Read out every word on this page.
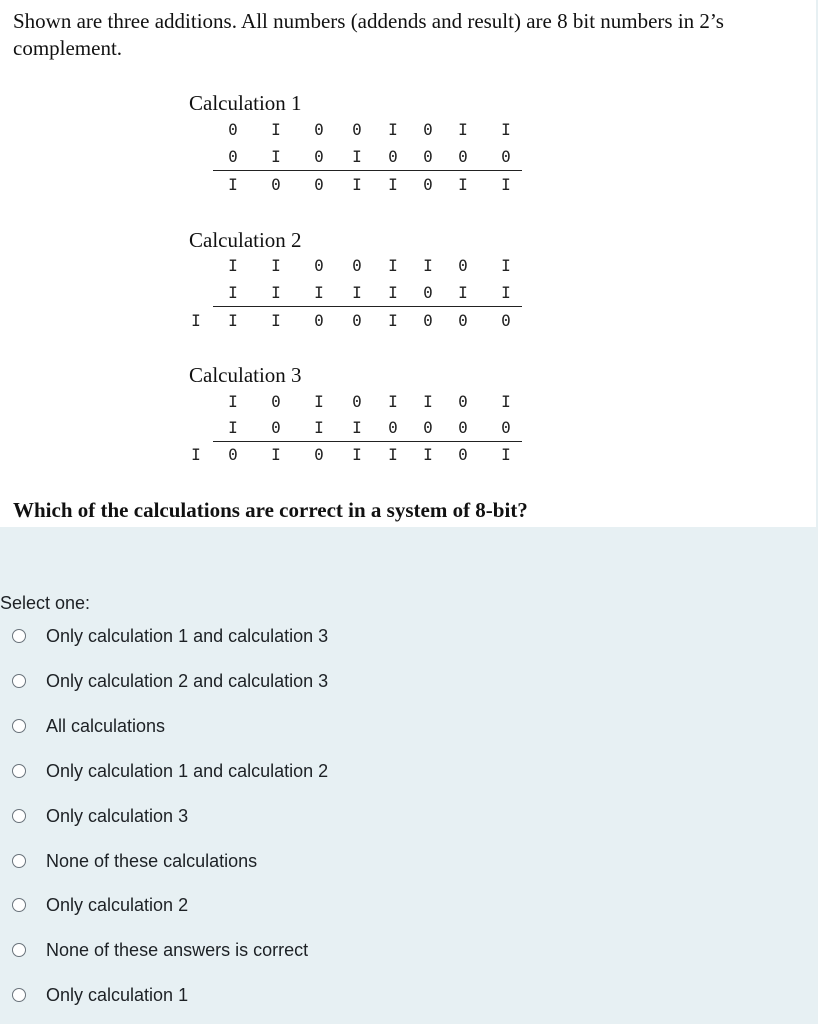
Shown are three additions. All numbers (addends and result) are 8 bit numbers in 2’s complement.
Calculation 1
0 I 0 0 I 0 I I
0 I 0 I 0 0 0 0
I 0 0 I I 0 I I
Calculation 2
I I 0 0 I I 0 I
I I I I I 0 I I
I I 0 0 I 0 0 0
I
Calculation 3
I 0 I 0 I I 0 I
I 0 I I 0 0 0 0
0 I 0 I I I 0 I
I
Which of the calculations are correct in a system of 8-bit?
Select one:
Only calculation 1 and calculation 3
Only calculation 2 and calculation 3
All calculations
Only calculation 1 and calculation 2
Only calculation 3
None of these calculations
Only calculation 2
None of these answers is correct
Only calculation 1
